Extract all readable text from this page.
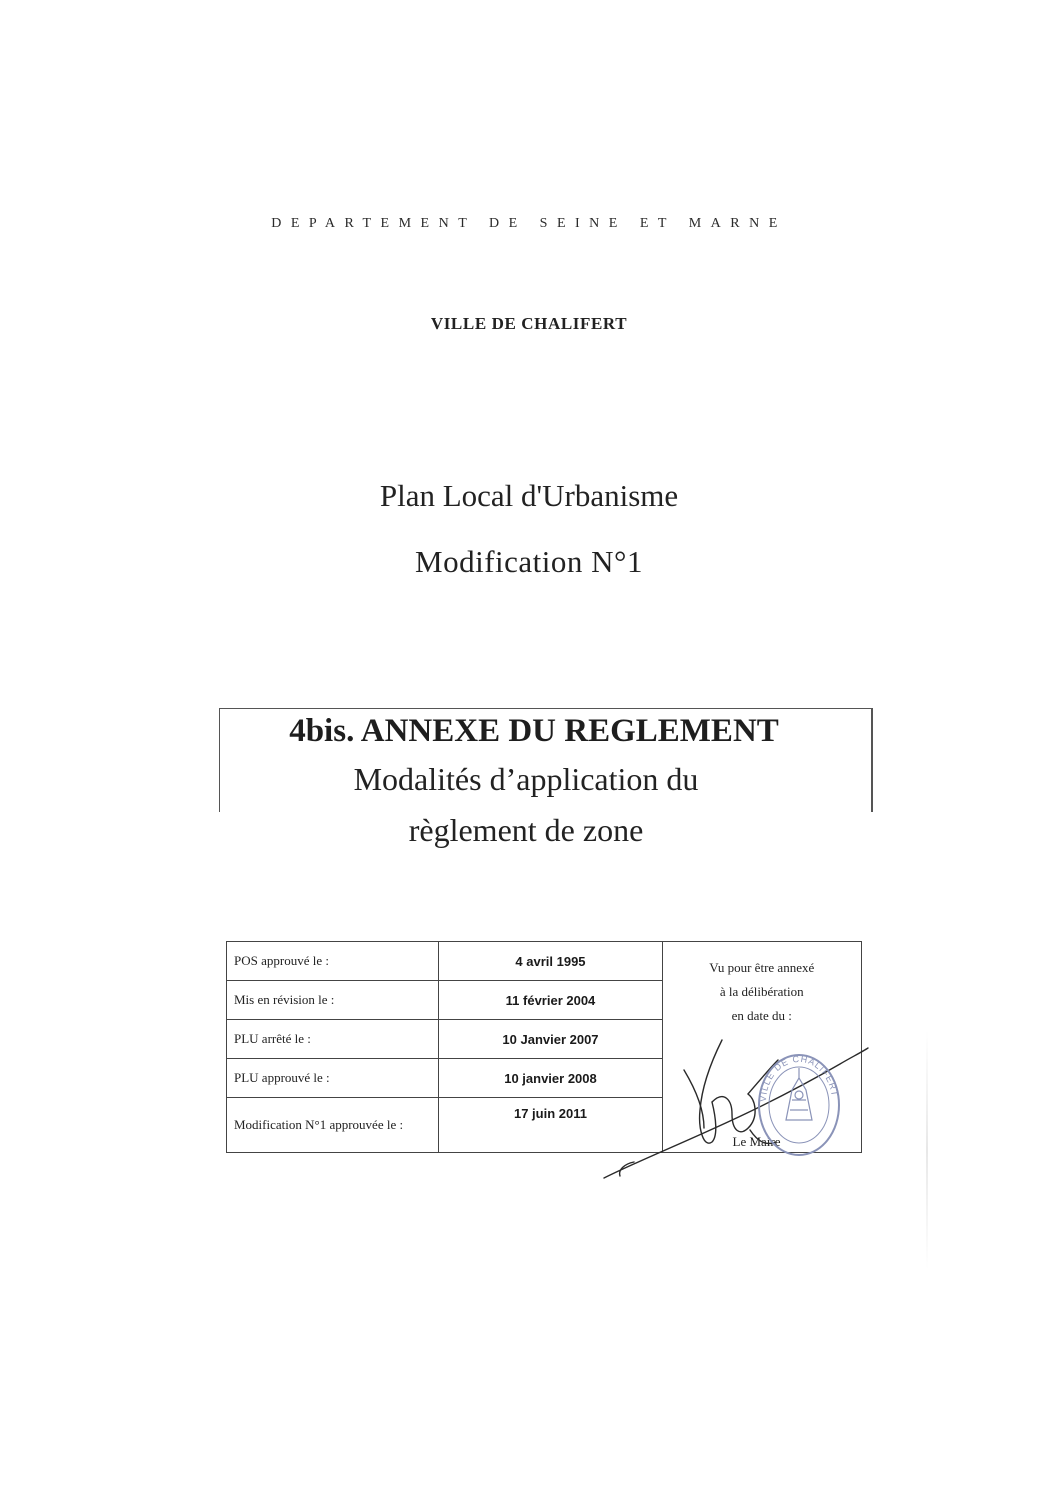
DEPARTEMENT DE SEINE ET MARNE
VILLE DE CHALIFERT
Plan Local d'Urbanisme
Modification N°1
4bis. ANNEXE DU REGLEMENT
Modalités d’application du
règlement de zone
POS approuvé le :	4 avril 1995	Vu pour être annexé
à la délibération
en date du :
Le Maire

Mis en révision le :	11 février 2004	
PLU arrêté le :	10 Janvier 2007	
PLU approuvé le :	10 janvier 2008	
Modification N°1 approuvée le :	17 juin 2011	
VILLE DE CHALIFERT
